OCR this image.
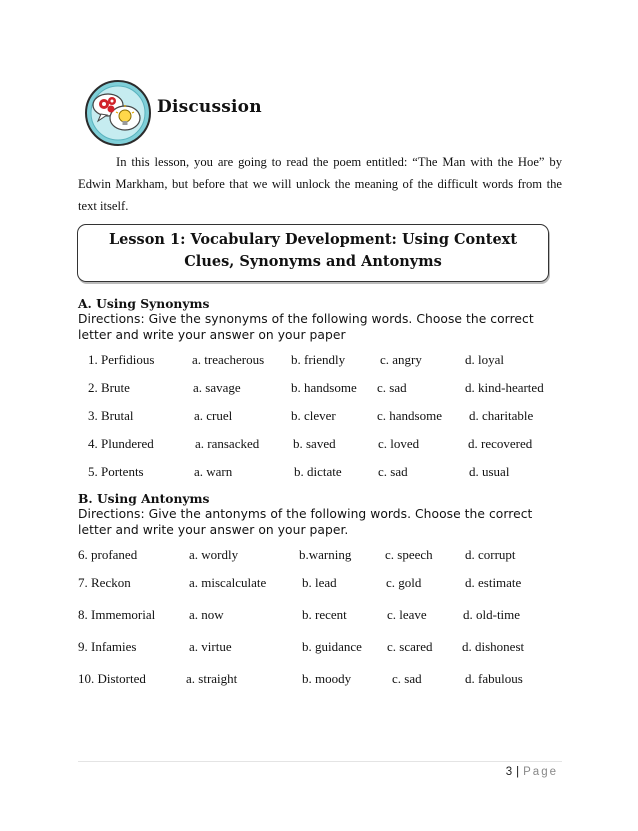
Discussion
In this lesson, you are going to read the poem entitled: “The Man with the Hoe” by Edwin Markham, but before that we will unlock the meaning of the difficult words from the text itself.
Lesson 1: Vocabulary Development: Using Context
Clues, Synonyms and Antonyms
A. Using Synonyms
Directions: Give the synonyms of the following words. Choose the correct letter and write your answer on your paper
1. Perfidious	a. treacherous b. friendly	c. angry	d. loyal
2. Brute	a. savage	b. handsome c. sad	d. kind-hearted
3. Brutal	a. cruel	b. clever	c. handsome d. charitable
4. Plundered	a. ransacked	b. saved	c. loved	d. recovered
5. Portents	a. warn	b. dictate	c. sad	d. usual
B. Using Antonyms
Directions: Give the antonyms of the following words. Choose the correct letter and write your answer on your paper.
6. profaned	a. wordly	b.warning	c. speech d. corrupt
7. Reckon	a. miscalculate	b. lead	c. gold	d. estimate
8. Immemorial	a. now	b. recent	c. leave	d. old-time
9. Infamies	a. virtue	b. guidance c. scared d. dishonest
10. Distorted	a. straight	b. moody	c. sad	d. fabulous
3 | Page
